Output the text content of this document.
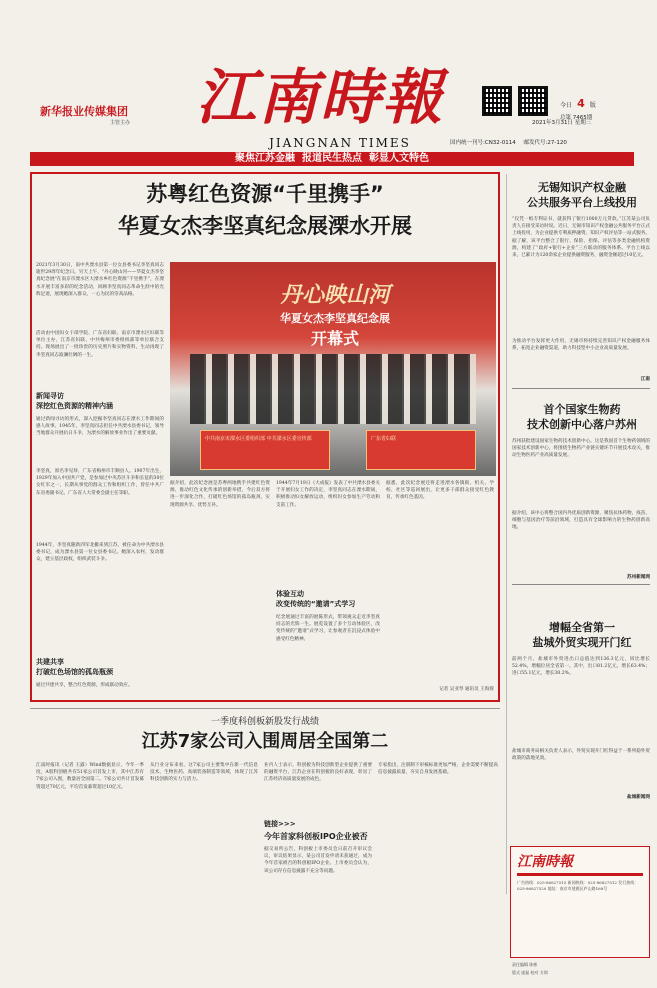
新华报业传媒集团
主管主办	江南時報
JIANGNAN TIMES
今日 4 版
总第 7465期
2021年3月31日 星期三
国内统一刊号:CN32-0114 邮发代号:27-120
聚焦江苏金融  报道民生热点  彰显人文特色
苏粤红色资源“千里携手”
华夏女杰李坚真纪念展溧水开展
2021年3月30日，南中共溧水县第一位女县委书记李坚真同志逝世29周年纪念日。另天上午，"丹心映山河——华夏女杰李坚真纪念展"在南京市溧水区大溧水乡红色资源“千里携手”，在溧水开展丰富多彩的纪念活动，回顾李坚真同志革命生涯中的光辉足迹，展现她深入群众、一心为民的崇高品格。
活动由中国妇女干部学院、广东省妇联、南京市溧水区妇联等单位主办，江苏省妇联、中共梅州市委组织部等单位联合支持。现场展出了一批珍贵的历史照片和实物资料，生动再现了李坚真同志波澜壮阔的一生。
新闻寻访
深挖红色资源的精神内涵
通过新闻寻访的形式，深入挖掘李坚真同志在溧水工作期间的感人故事。1945年，李坚真同志担任中共溧水县委书记，领导当地群众开展抗日斗争，为溧水的解放事业作出了重要贡献。
李坚真，原名李见珍，广东省梅州市丰顺县人。1907年出生，1929年加入中国共产党，是参加过中央苏区斗争和长征的30位女红军之一，长期从事党的群众工作和组织工作，曾任中共广东省委副书记、广东省人大常委会副主任等职。
1944年，李坚真随新四军北撤来到江苏，被任命为中共溧水县委书记，成为溧水县第一位女县委书记。她深入农村，发动群众，建立基层政权，组织武装斗争。
共建共享
打破红色场馆的孤岛瓶颈
通过共建共享，整合红色资源，形成联动效应。
丹心映山河
华夏女杰李坚真纪念展
开幕式
中共南京市溧水区委组织部 中共溧水区委宣传部	广东省妇联
据介绍，此次纪念展是苏粤两地携手共建红色资源、推动红色文化传承的创新举措，今后双方将进一步深化合作，打破红色场馆的孤岛瓶颈，实现资源共享、优势互补。
1944年7月19日《大成报》发表了中共溧水县委关于开展妇女工作的决定，李坚真同志在溧水期间，积极推动妇女解放运动，组织妇女参加生产劳动和支前工作。
体验互动
改变传统的“邀请”式学习
纪念展通过丰富的展陈形式，带领观众走近李坚真同志的光辉一生。展览设置了多个互动体验区，改变传统的“邀请”式学习，让参观者在沉浸式体验中感受红色精神。
据悉，此次纪念展还将走进溧水各镇街、机关、学校、社区等巡回展出，让更多干部群众接受红色教育，传承红色基因。
记者 吴亚琴 通讯员 王海蓉
无锡知识产权金融
公共服务平台上线投用
“仅凭一纸专利证书，就获得了银行1000万元贷款。”江苏某公司负责人在接受采访时说。近日，无锡市知识产权金融公共服务平台正式上线投用，为企业提供专利质押融资、知识产权评估等一站式服务。据了解，该平台整合了银行、保险、担保、评估等多类金融机构资源，构建了“政府+银行+企业”三方联动的服务体系。平台上线以来，已累计为120余家企业提供融资服务，融资金额超过10亿元。
为推动平台发挥更大作用，无锡市将持续完善知识产权金融服务体系，拓宽企业融资渠道，助力科技型中小企业高质量发展。
江南
首个国家生物药
技术创新中心落户苏州
苏州获批建设国家生物药技术创新中心。这是我国首个生物药领域的国家技术创新中心，将围绕生物药产业链关键环节开展技术攻关，推动生物医药产业高质量发展。
据介绍，该中心将整合国内外优质创新资源，聚焦抗体药物、疫苗、细胞与基因治疗等前沿领域，打造具有全球影响力的生物药创新高地。
苏州新闻网
增幅全省第一
盐城外贸实现开门红
前两个月，盐城市外贸进出口总值达到136.3亿元，同比增长52.4%，增幅位居全省第一。其中，出口81.2亿元，增长63.4%；进口55.1亿元，增长38.2%。
盐城市商务局相关负责人表示，外贸实现开门红得益于一系列稳外贸政策的落地见效。
盐城新闻网
一季度科创板新股发行战绩
江苏7家公司入围周居全国第二
江南时报讯（记者 王露）Wind数据显示，今年一季度，A股科创板共有51家公司首发上市，其中江苏有7家公司入围，数量居全国第二。7家公司共计首发募资超过70亿元，平均首发募资超过10亿元。
从行业分布来看，这7家公司主要集中在新一代信息技术、生物医药、高端装备制造等领域，体现了江苏科技创新的实力与活力。
业内人士表示，科创板为科技创新型企业提供了重要的融资平台，江苏企业在科创板的良好表现，彰显了江苏经济高质量发展的成色。
链接>>>
今年首家科创板IPO企业被否
据交易所公告，科创板上市委员会日前召开审议会议，审议结果显示，某公司首发申请未获通过，成为今年首家被否的科创板IPO企业。上市委员会认为，该公司存在信息披露不充分等问题。
专家指出，注册制下审核标准更加严格，企业需要不断提高信息披露质量，夯实自身发展基础。
江南時報
广告热线：025-86827515 新闻热线：025-86827512 发行热线：025-86827520 地址：南京市建邺区庐山路168号
责任编辑 陈彬
版式 庞磊 校对 方琪
